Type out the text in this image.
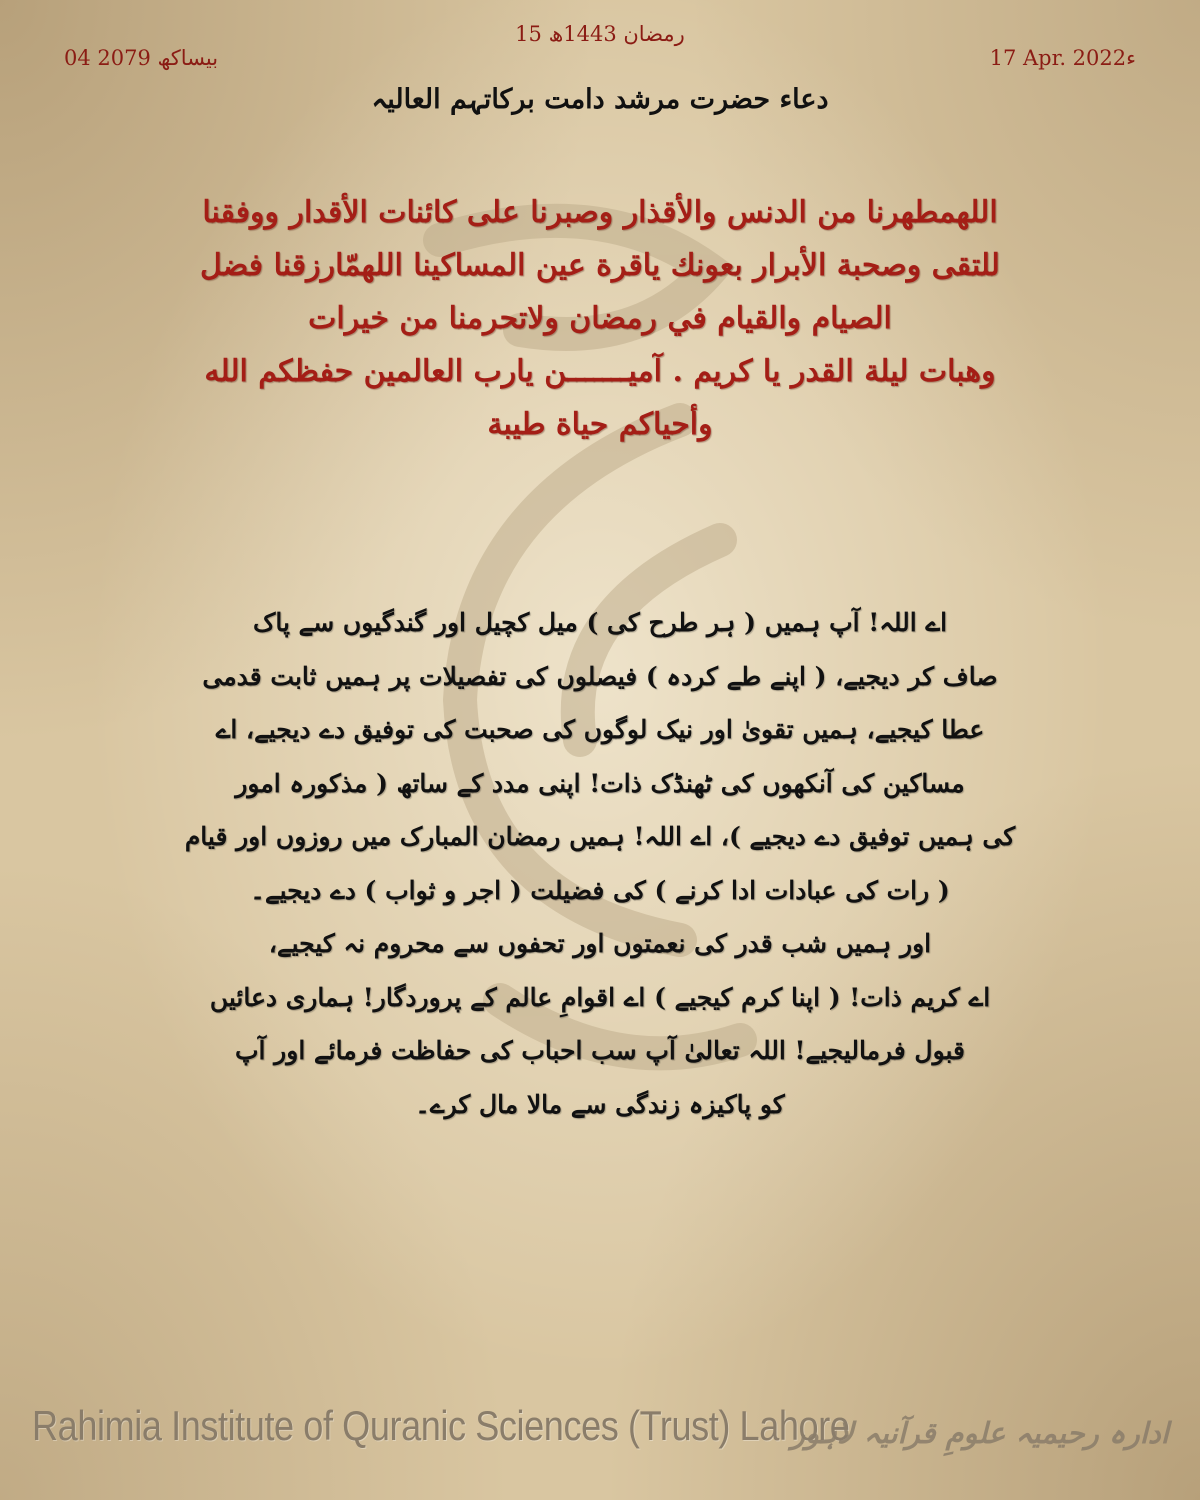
15 رمضان 1443ھ
04 بیساکھ 2079	17 Apr. 2022ء
دعاء حضرت مرشد دامت برکاتہم العالیہ
اللھمطھرنا من الدنس والأقذار وصبرنا علی کائنات الأقدار ووفقنا
للتقی وصحبة الأبرار بعونك یاقرة عین المساکینا اللھمّارزقنا فضل
الصیام والقیام في رمضان ولاتحرمنا من خیرات
وھبات لیلة القدر یا کریم . آمیـــــــن یارب العالمین حفظکم الله
وأحیاکم حیاة طیبة
اے اللہ! آپ ہمیں ( ہر طرح کی ) میل کچیل اور گندگیوں سے پاک
صاف کر دیجیے، ( اپنے طے کردہ ) فیصلوں کی تفصیلات پر ہمیں ثابت قدمی
عطا کیجیے، ہمیں تقویٰ اور نیک لوگوں کی صحبت کی توفیق دے دیجیے، اے
مساکین کی آنکھوں کی ٹھنڈک ذات! اپنی مدد کے ساتھ ( مذکورہ امور
کی ہمیں توفیق دے دیجیے )، اے اللہ! ہمیں رمضان المبارک میں روزوں اور قیام
( رات کی عبادات ادا کرنے ) کی فضیلت ( اجر و ثواب ) دے دیجیے۔
اور ہمیں شب قدر کی نعمتوں اور تحفوں سے محروم نہ کیجیے،
اے کریم ذات! ( اپنا کرم کیجیے ) اے اقوامِ عالم کے پروردگار! ہماری دعائیں
قبول فرمالیجیے! اللہ تعالیٰ آپ سب احباب کی حفاظت فرمائے اور آپ
کو پاکیزہ زندگی سے مالا مال کرے۔
Rahimia Institute of Quranic Sciences (Trust) Lahore
ادارہ رحیمیہ علومِ قرآنیہ لاہور
